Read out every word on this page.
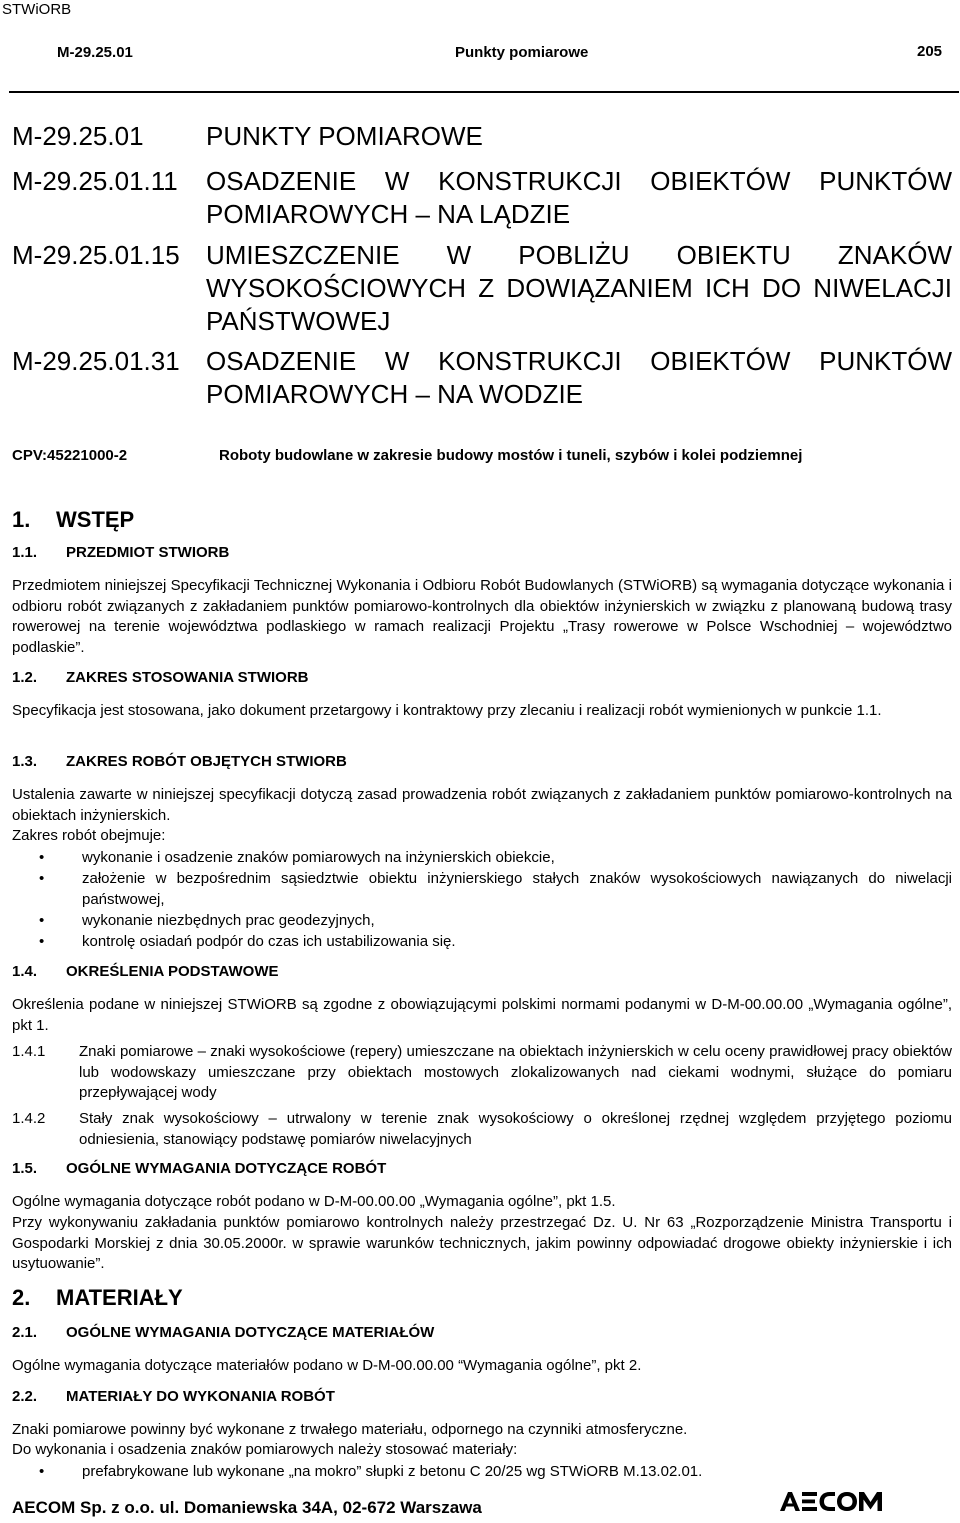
STWiORB
M-29.25.01	Punkty pomiarowe	205
M-29.25.01 PUNKTY POMIAROWE
M-29.25.01.11 OSADZENIE W KONSTRUKCJI OBIEKTÓW PUNKTÓW POMIAROWYCH – NA LĄDZIE
M-29.25.01.15 UMIESZCZENIE W POBLIŻU OBIEKTU ZNAKÓW WYSOKOŚCIOWYCH Z DOWIĄZANIEM ICH DO NIWELACJI PAŃSTWOWEJ
M-29.25.01.31 OSADZENIE W KONSTRUKCJI OBIEKTÓW PUNKTÓW POMIAROWYCH – NA WODZIE
CPV:45221000-2	Roboty budowlane w zakresie budowy mostów i tuneli, szybów i kolei podziemnej
1. WSTĘP
1.1. PRZEDMIOT STWIORB
Przedmiotem niniejszej Specyfikacji Technicznej Wykonania i Odbioru Robót Budowlanych (STWiORB) są wymagania dotyczące wykonania i odbioru robót związanych z zakładaniem punktów pomiarowo-kontrolnych dla obiektów inżynierskich w związku z planowaną budową trasy rowerowej na terenie województwa podlaskiego w ramach realizacji Projektu „Trasy rowerowe w Polsce Wschodniej – województwo podlaskie”.
1.2. ZAKRES STOSOWANIA STWIORB
Specyfikacja jest stosowana, jako dokument przetargowy i kontraktowy przy zlecaniu i realizacji robót wymienionych w punkcie 1.1.
1.3. ZAKRES ROBÓT OBJĘTYCH STWIORB
Ustalenia zawarte w niniejszej specyfikacji dotyczą zasad prowadzenia robót związanych z zakładaniem punktów pomiarowo-kontrolnych na obiektach inżynierskich.
Zakres robót obejmuje:
•	wykonanie i osadzenie znaków pomiarowych na inżynierskich obiekcie,
•	założenie w bezpośrednim sąsiedztwie obiektu inżynierskiego stałych znaków wysokościowych nawiązanych do niwelacji państwowej,
•	wykonanie niezbędnych prac geodezyjnych,
•	kontrolę osiadań podpór do czas ich ustabilizowania się.
1.4. OKREŚLENIA PODSTAWOWE
Określenia podane w niniejszej STWiORB są zgodne z obowiązującymi polskimi normami podanymi w D-M-00.00.00 „Wymagania ogólne”, pkt 1.
1.4.1 Znaki pomiarowe – znaki wysokościowe (repery) umieszczane na obiektach inżynierskich w celu oceny prawidłowej pracy obiektów lub wodowskazy umieszczane przy obiektach mostowych zlokalizowanych nad ciekami wodnymi, służące do pomiaru przepływającej wody
1.4.2 Stały znak wysokościowy – utrwalony w terenie znak wysokościowy o określonej rzędnej względem przyjętego poziomu odniesienia, stanowiący podstawę pomiarów niwelacyjnych
1.5. OGÓLNE WYMAGANIA DOTYCZĄCE ROBÓT
Ogólne wymagania dotyczące robót podano w D-M-00.00.00 „Wymagania ogólne”, pkt 1.5.
Przy wykonywaniu zakładania punktów pomiarowo kontrolnych należy przestrzegać Dz. U. Nr 63 „Rozporządzenie Ministra Transportu i Gospodarki Morskiej z dnia 30.05.2000r. w sprawie warunków technicznych, jakim powinny odpowiadać drogowe obiekty inżynierskie i ich usytuowanie”.
2. MATERIAŁY
2.1. OGÓLNE WYMAGANIA DOTYCZĄCE MATERIAŁÓW
Ogólne wymagania dotyczące materiałów podano w D-M-00.00.00 “Wymagania ogólne”, pkt 2.
2.2. MATERIAŁY DO WYKONANIA ROBÓT
Znaki pomiarowe powinny być wykonane z trwałego materiału, odpornego na czynniki atmosferyczne.
Do wykonania i osadzenia znaków pomiarowych należy stosować materiały:
•	prefabrykowane lub wykonane „na mokro” słupki z betonu C 20/25 wg STWiORB M.13.02.01.
AECOM Sp. z o.o. ul. Domaniewska 34A, 02-672 Warszawa
